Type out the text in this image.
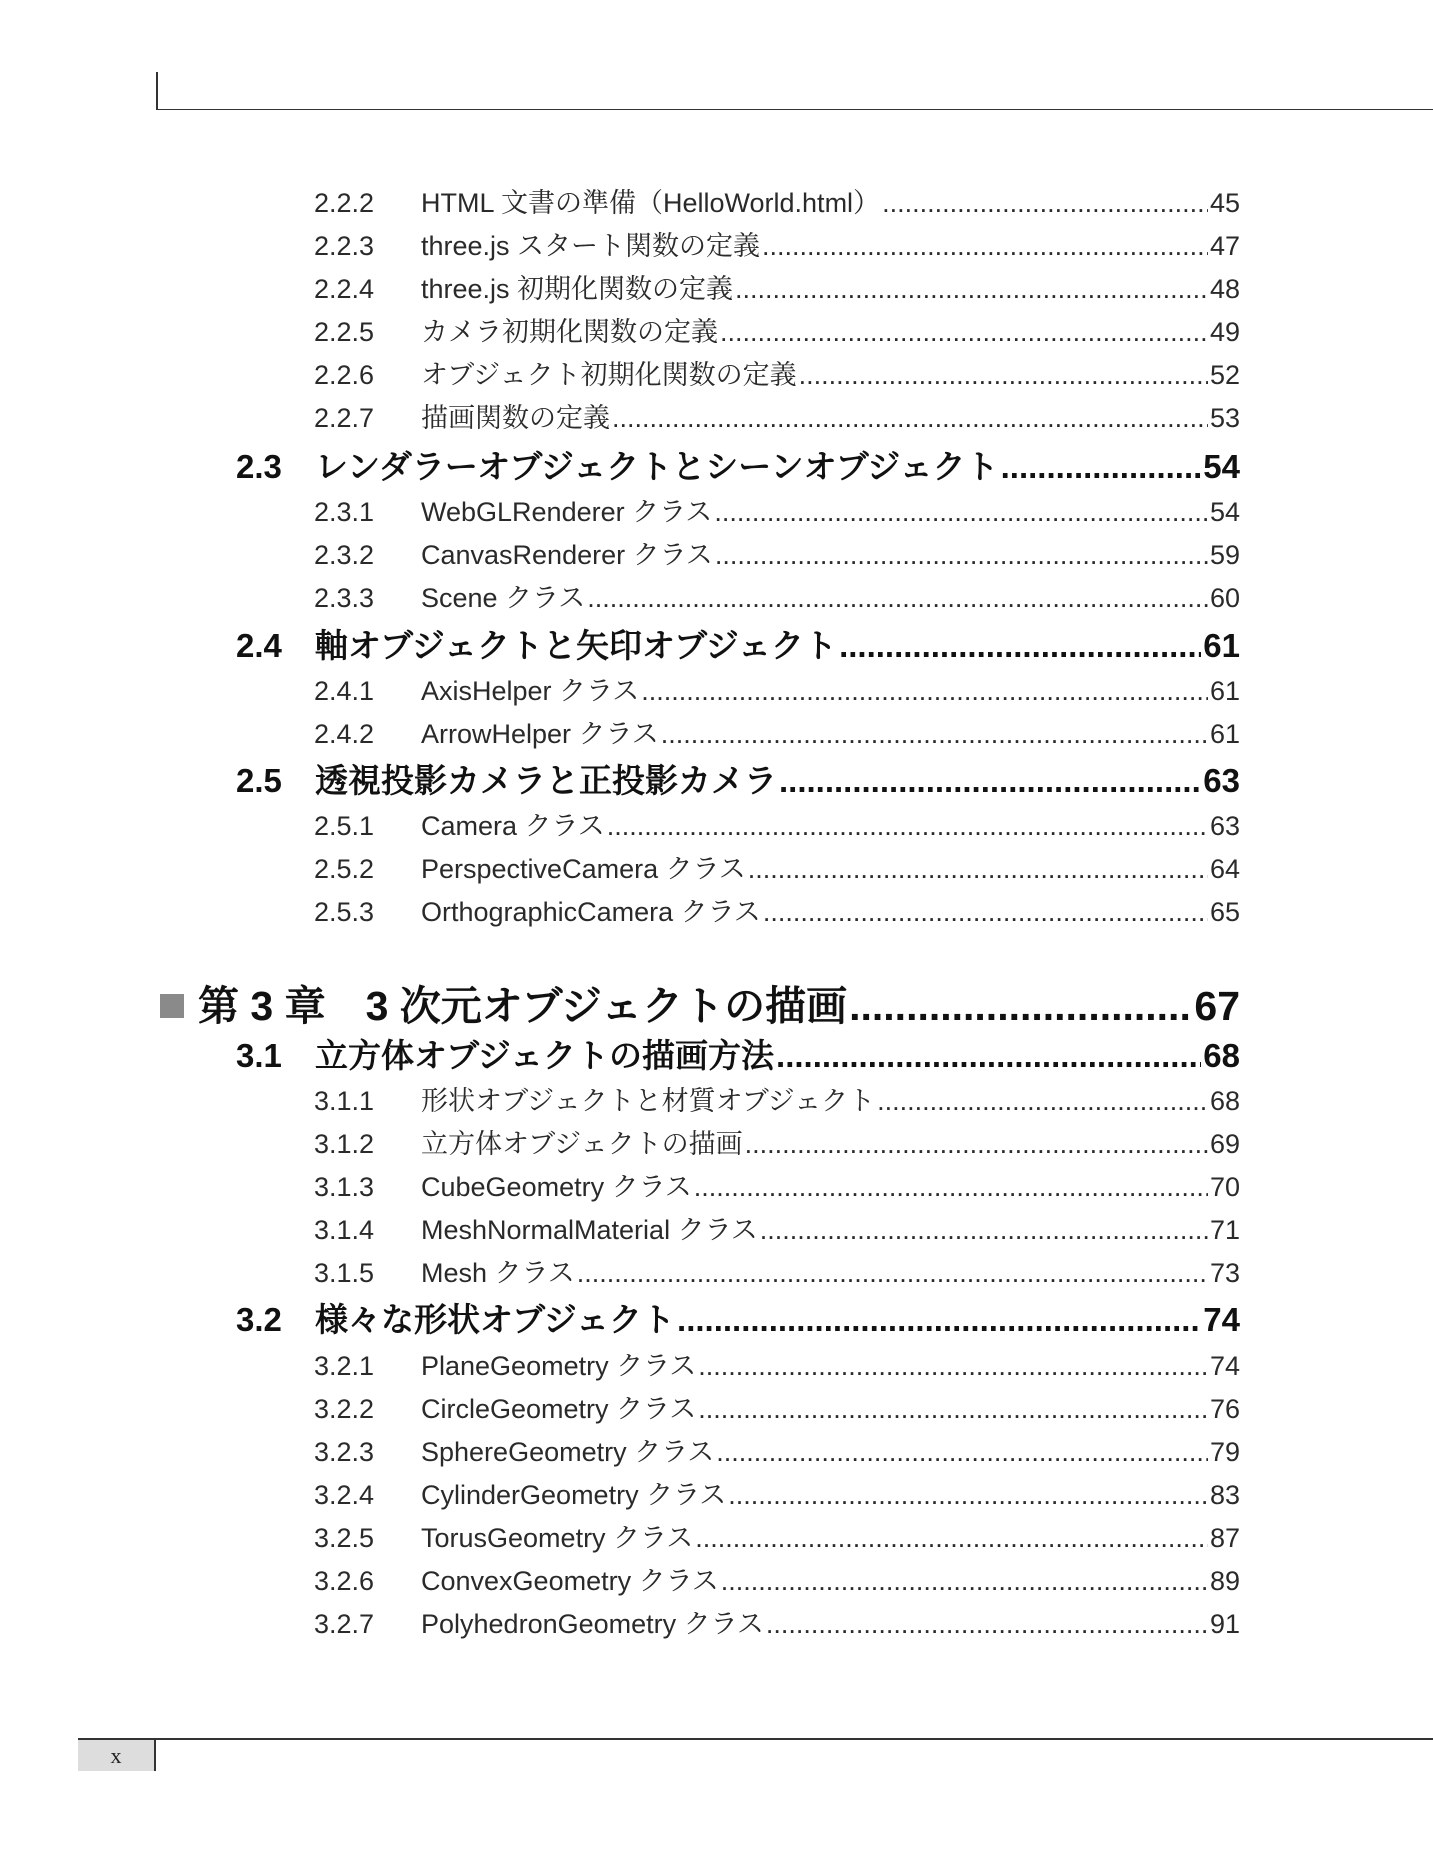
2.2.2	HTML 文書の準備（HelloWorld.html） .....	45
2.2.3	three.js スタート関数の定義 .....	47
2.2.4	three.js 初期化関数の定義 .....	48
2.2.5	カメラ初期化関数の定義 .....	49
2.2.6	オブジェクト初期化関数の定義 .....	52
2.2.7	描画関数の定義 .....	53
2.3	レンダラーオブジェクトとシーンオブジェクト .....	54
2.3.1	WebGLRenderer クラス .....	54
2.3.2	CanvasRenderer クラス .....	59
2.3.3	Scene クラス .....	60
2.4	軸オブジェクトと矢印オブジェクト .....	61
2.4.1	AxisHelper クラス .....	61
2.4.2	ArrowHelper クラス .....	61
2.5	透視投影カメラと正投影カメラ .....	63
2.5.1	Camera クラス .....	63
2.5.2	PerspectiveCamera クラス .....	64
2.5.3	OrthographicCamera クラス .....	65
第 3 章 3 次元オブジェクトの描画 .....	67
3.1	立方体オブジェクトの描画方法 .....	68
3.1.1	形状オブジェクトと材質オブジェクト .....	68
3.1.2	立方体オブジェクトの描画 .....	69
3.1.3	CubeGeometry クラス .....	70
3.1.4	MeshNormalMaterial クラス .....	71
3.1.5	Mesh クラス .....	73
3.2	様々な形状オブジェクト .....	74
3.2.1	PlaneGeometry クラス .....	74
3.2.2	CircleGeometry クラス .....	76
3.2.3	SphereGeometry クラス .....	79
3.2.4	CylinderGeometry クラス .....	83
3.2.5	TorusGeometry クラス .....	87
3.2.6	ConvexGeometry クラス .....	89
3.2.7	PolyhedronGeometry クラス .....	91
x
